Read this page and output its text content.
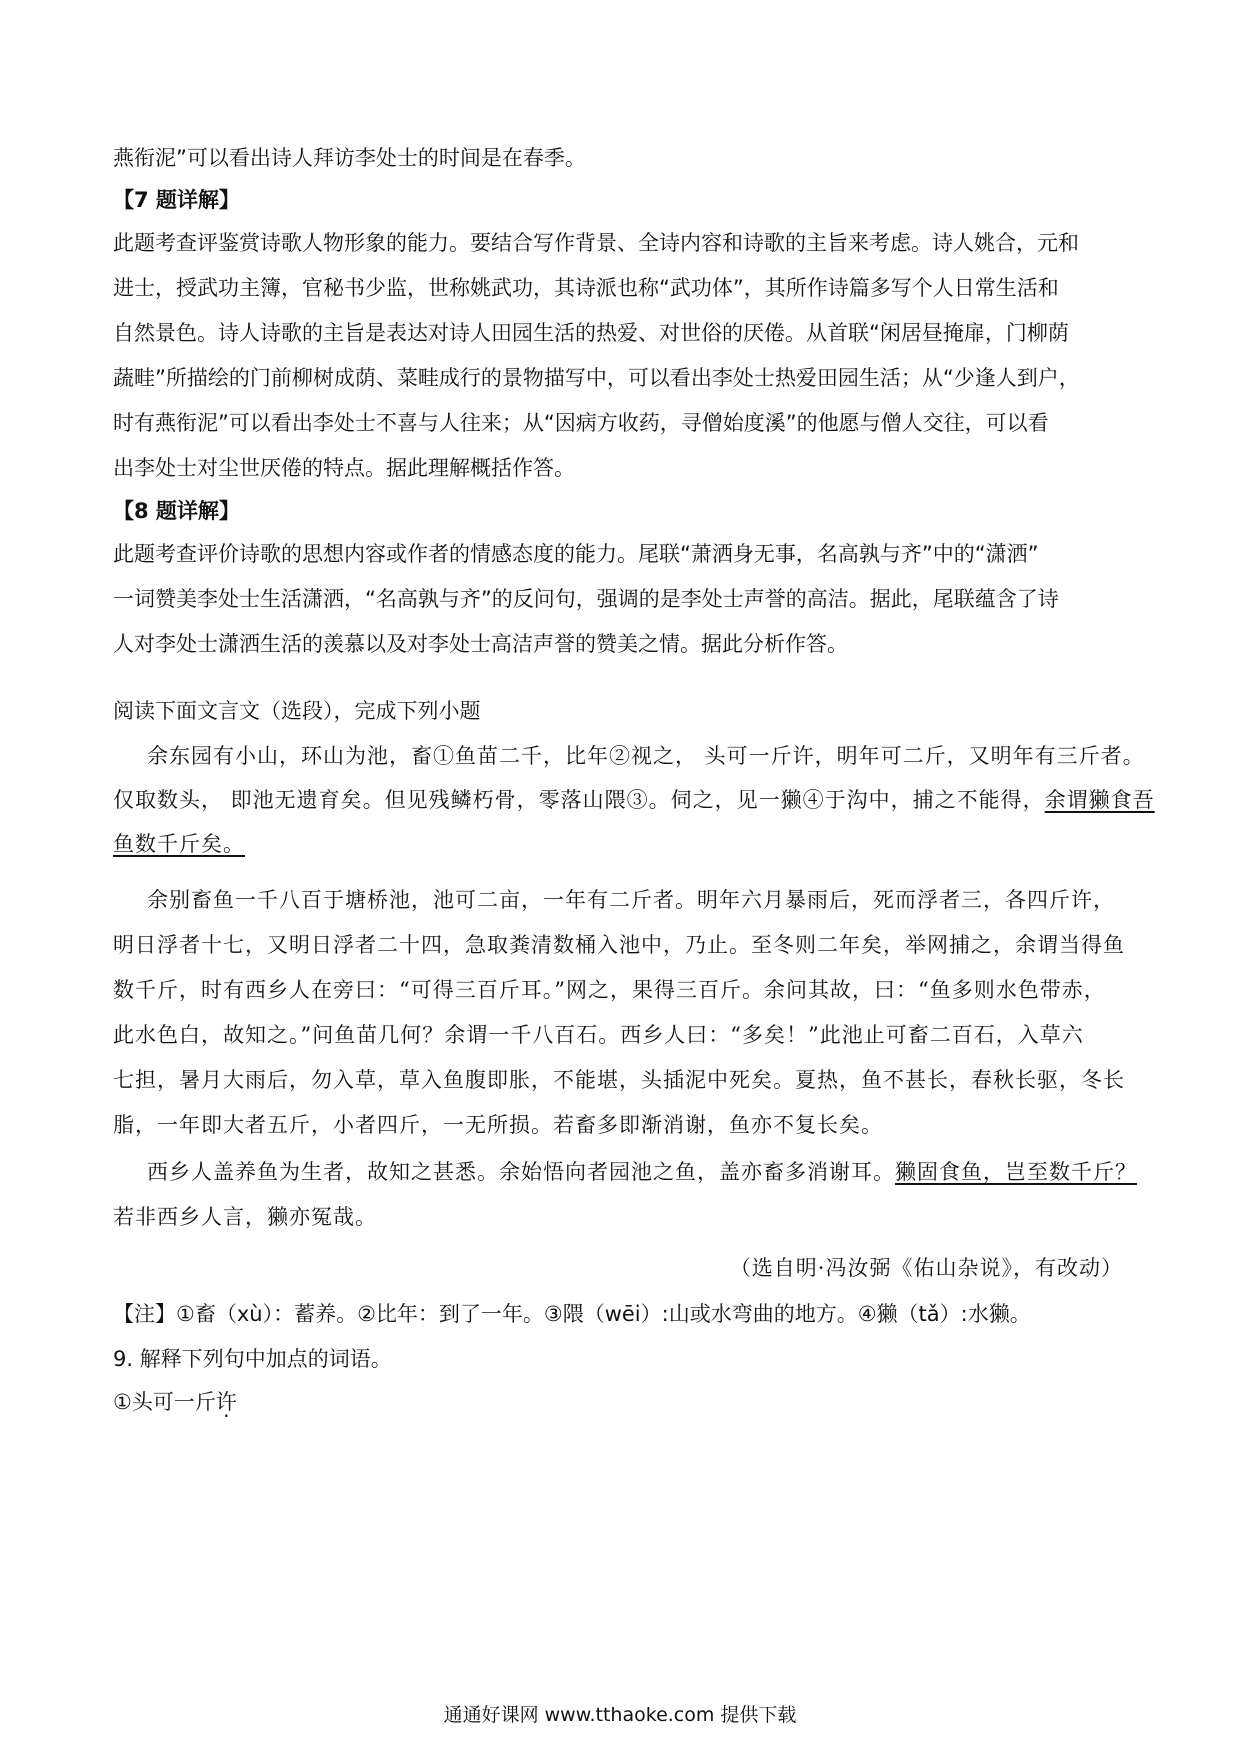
燕衔泥”可以看出诗人拜访李处士的时间是在春季。
【7 题详解】
此题考查评鉴赏诗歌人物形象的能力。要结合写作背景、全诗内容和诗歌的主旨来考虑。诗人姚合，元和
进士，授武功主簿，官秘书少监，世称姚武功，其诗派也称“武功体”，其所作诗篇多写个人日常生活和
自然景色。诗人诗歌的主旨是表达对诗人田园生活的热爱、对世俗的厌倦。从首联“闲居昼掩扉，门柳荫
蔬畦”所描绘的门前柳树成荫、菜畦成行的景物描写中，可以看出李处士热爱田园生活；从“少逢人到户，
时有燕衔泥”可以看出李处士不喜与人往来；从“因病方收药，寻僧始度溪”的他愿与僧人交往，可以看
出李处士对尘世厌倦的特点。据此理解概括作答。
【8 题详解】
此题考查评价诗歌的思想内容或作者的情感态度的能力。尾联“萧洒身无事，名高孰与齐”中的“潇洒”
一词赞美李处士生活潇洒，“名高孰与齐”的反问句，强调的是李处士声誉的高洁。据此，尾联蕴含了诗
人对李处士潇洒生活的羡慕以及对李处士高洁声誉的赞美之情。据此分析作答。
阅读下面文言文（选段），完成下列小题
余东园有小山，环山为池，畜①鱼苗二千，比年②视之， 头可一斤许，明年可二斤，又明年有三斤者。
仅取数头， 即池无遗育矣。但见残鳞朽骨，零落山隈③。伺之，见一獭④于沟中，捕之不能得，余谓獭食吾
鱼数千斤矣。
余别畜鱼一千八百于塘桥池，池可二亩，一年有二斤者。明年六月暴雨后，死而浮者三，各四斤许，
明日浮者十七，又明日浮者二十四，急取粪清数桶入池中，乃止。至冬则二年矣，举网捕之，余谓当得鱼
数千斤，时有西乡人在旁曰：“可得三百斤耳。”网之，果得三百斤。余问其故，曰：“鱼多则水色带赤，
此水色白，故知之。”问鱼苗几何？余谓一千八百石。西乡人曰：“多矣！”此池止可畜二百石，入草六
七担，暑月大雨后，勿入草，草入鱼腹即胀，不能堪，头插泥中死矣。夏热，鱼不甚长，春秋长驱，冬长
脂，一年即大者五斤，小者四斤，一无所损。若畜多即渐消谢，鱼亦不复长矣。
西乡人盖养鱼为生者，故知之甚悉。余始悟向者园池之鱼，盖亦畜多消谢耳。獭固食鱼，岂至数千斤？
若非西乡人言，獭亦冤哉。
（选自明·冯汝弼《佑山杂说》，有改动）
【注】①畜（xù）：蓄养。②比年：到了一年。③隈（wēi）:山或水弯曲的地方。④獭（tǎ）:水獭。
9. 解释下列句中加点的词语。
①头可一斤许
通通好课网 www.tthaoke.com 提供下载
